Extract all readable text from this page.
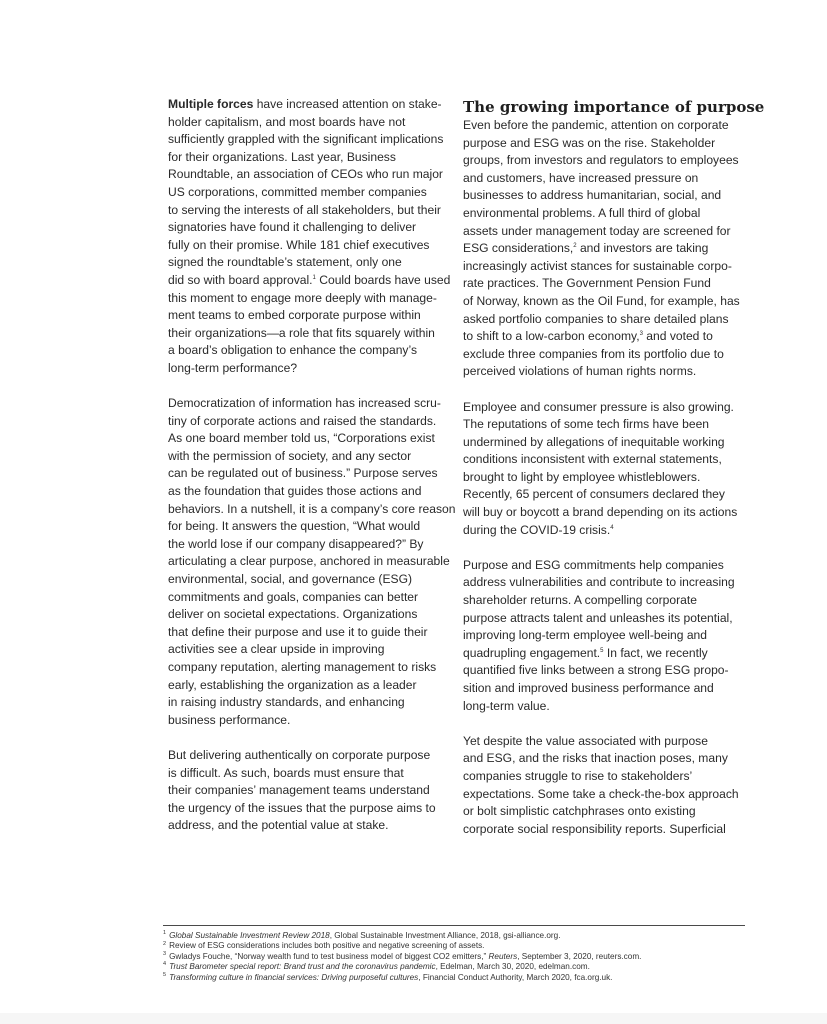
Multiple forces have increased attention on stake-
holder capitalism, and most boards have not
sufficiently grappled with the significant implications
for their organizations. Last year, Business
Roundtable, an association of CEOs who run major
US corporations, committed member companies
to serving the interests of all stakeholders, but their
signatories have found it challenging to deliver
fully on their promise. While 181 chief executives
signed the roundtable’s statement, only one
did so with board approval.$^1$ Could boards have used
this moment to engage more deeply with manage-
ment teams to embed corporate purpose within
their organizations—a role that fits squarely within
a board’s obligation to enhance the company’s
long-term performance?
Democratization of information has increased scru-
tiny of corporate actions and raised the standards.
As one board member told us, “Corporations exist
with the permission of society, and any sector
can be regulated out of business.” Purpose serves
as the foundation that guides those actions and
behaviors. In a nutshell, it is a company’s core reason
for being. It answers the question, “What would
the world lose if our company disappeared?” By
articulating a clear purpose, anchored in measurable
environmental, social, and governance (ESG)
commitments and goals, companies can better
deliver on societal expectations. Organizations
that define their purpose and use it to guide their
activities see a clear upside in improving
company reputation, alerting management to risks
early, establishing the organization as a leader
in raising industry standards, and enhancing
business performance.
But delivering authentically on corporate purpose
is difficult. As such, boards must ensure that
their companies’ management teams understand
the urgency of the issues that the purpose aims to
address, and the potential value at stake.
The growing importance of purpose
Even before the pandemic, attention on corporate
purpose and ESG was on the rise. Stakeholder
groups, from investors and regulators to employees
and customers, have increased pressure on
businesses to address humanitarian, social, and
environmental problems. A full third of global
assets under management today are screened for
ESG considerations,$^2$ and investors are taking
increasingly activist stances for sustainable corpo-
rate practices. The Government Pension Fund
of Norway, known as the Oil Fund, for example, has
asked portfolio companies to share detailed plans
to shift to a low-carbon economy,$^3$ and voted to
exclude three companies from its portfolio due to
perceived violations of human rights norms.
Employee and consumer pressure is also growing.
The reputations of some tech firms have been
undermined by allegations of inequitable working
conditions inconsistent with external statements,
brought to light by employee whistleblowers.
Recently, 65 percent of consumers declared they
will buy or boycott a brand depending on its actions
during the COVID-19 crisis.$^4$
Purpose and ESG commitments help companies
address vulnerabilities and contribute to increasing
shareholder returns. A compelling corporate
purpose attracts talent and unleashes its potential,
improving long-term employee well-being and
quadrupling engagement.$^5$ In fact, we recently
quantified five links between a strong ESG propo-
sition and improved business performance and
long-term value.
Yet despite the value associated with purpose
and ESG, and the risks that inaction poses, many
companies struggle to rise to stakeholders’
expectations. Some take a check-the-box approach
or bolt simplistic catchphrases onto existing
corporate social responsibility reports. Superficial
$^1$ Global Sustainable Investment Review 2018, Global Sustainable Investment Alliance, 2018, gsi-alliance.org.
$^2$ Review of ESG considerations includes both positive and negative screening of assets.
$^3$ Gwladys Fouche, “Norway wealth fund to test business model of biggest CO2 emitters,” Reuters, September 3, 2020, reuters.com.
$^4$ Trust Barometer special report: Brand trust and the coronavirus pandemic, Edelman, March 30, 2020, edelman.com.
$^5$ Transforming culture in financial services: Driving purposeful cultures, Financial Conduct Authority, March 2020, fca.org.uk.
